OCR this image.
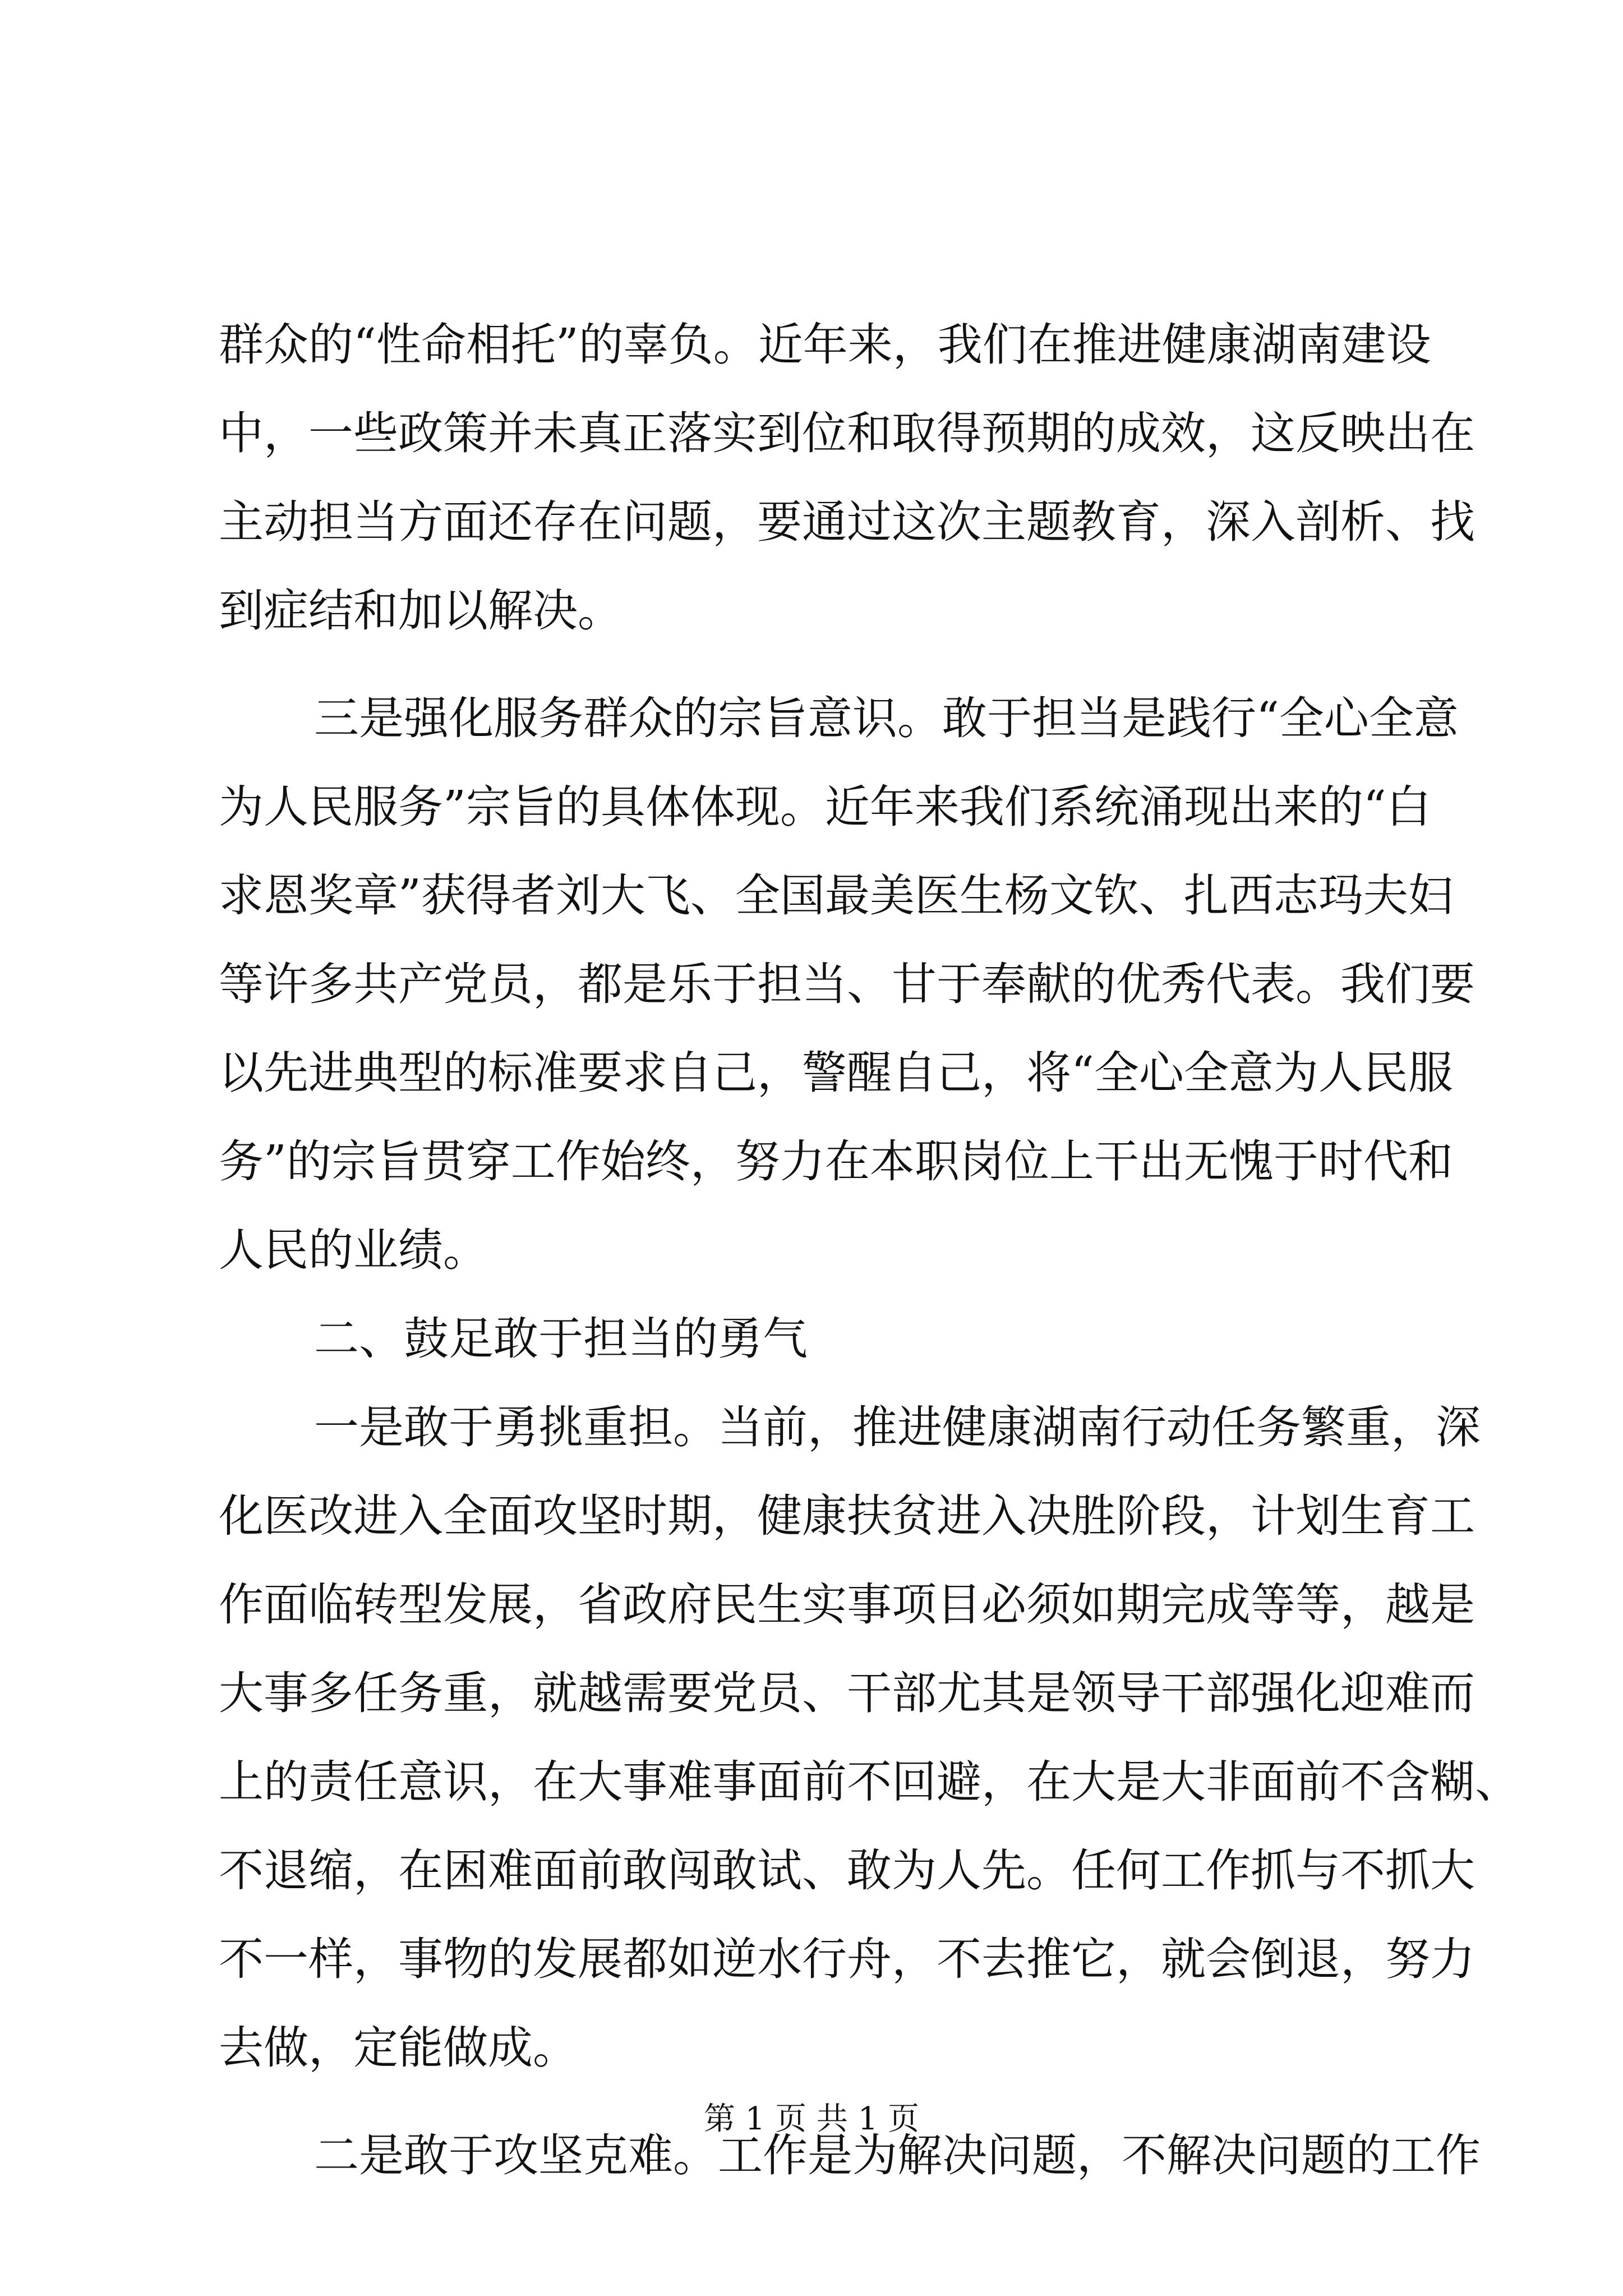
群众的“性命相托”的辜负。近年来，我们在推进健康湖南建设
中，一些政策并未真正落实到位和取得预期的成效，这反映出在
主动担当方面还存在问题，要通过这次主题教育，深入剖析、找
到症结和加以解决。
三是强化服务群众的宗旨意识。敢于担当是践行“全心全意
为人民服务”宗旨的具体体现。近年来我们系统涌现出来的“白
求恩奖章”获得者刘大飞、全国最美医生杨文钦、扎西志玛夫妇
等许多共产党员，都是乐于担当、甘于奉献的优秀代表。我们要
以先进典型的标准要求自己，警醒自己，将“全心全意为人民服
务”的宗旨贯穿工作始终，努力在本职岗位上干出无愧于时代和
人民的业绩。
二、鼓足敢于担当的勇气
一是敢于勇挑重担。当前，推进健康湖南行动任务繁重，深
化医改进入全面攻坚时期，健康扶贫进入决胜阶段，计划生育工
作面临转型发展，省政府民生实事项目必须如期完成等等，越是
大事多任务重，就越需要党员、干部尤其是领导干部强化迎难而
上的责任意识，在大事难事面前不回避，在大是大非面前不含糊、
不退缩，在困难面前敢闯敢试、敢为人先。任何工作抓与不抓大
不一样，事物的发展都如逆水行舟，不去推它，就会倒退，努力
去做，定能做成。
二是敢于攻坚克难。工作是为解决问题，不解决问题的工作
第 1 页 共 1 页
